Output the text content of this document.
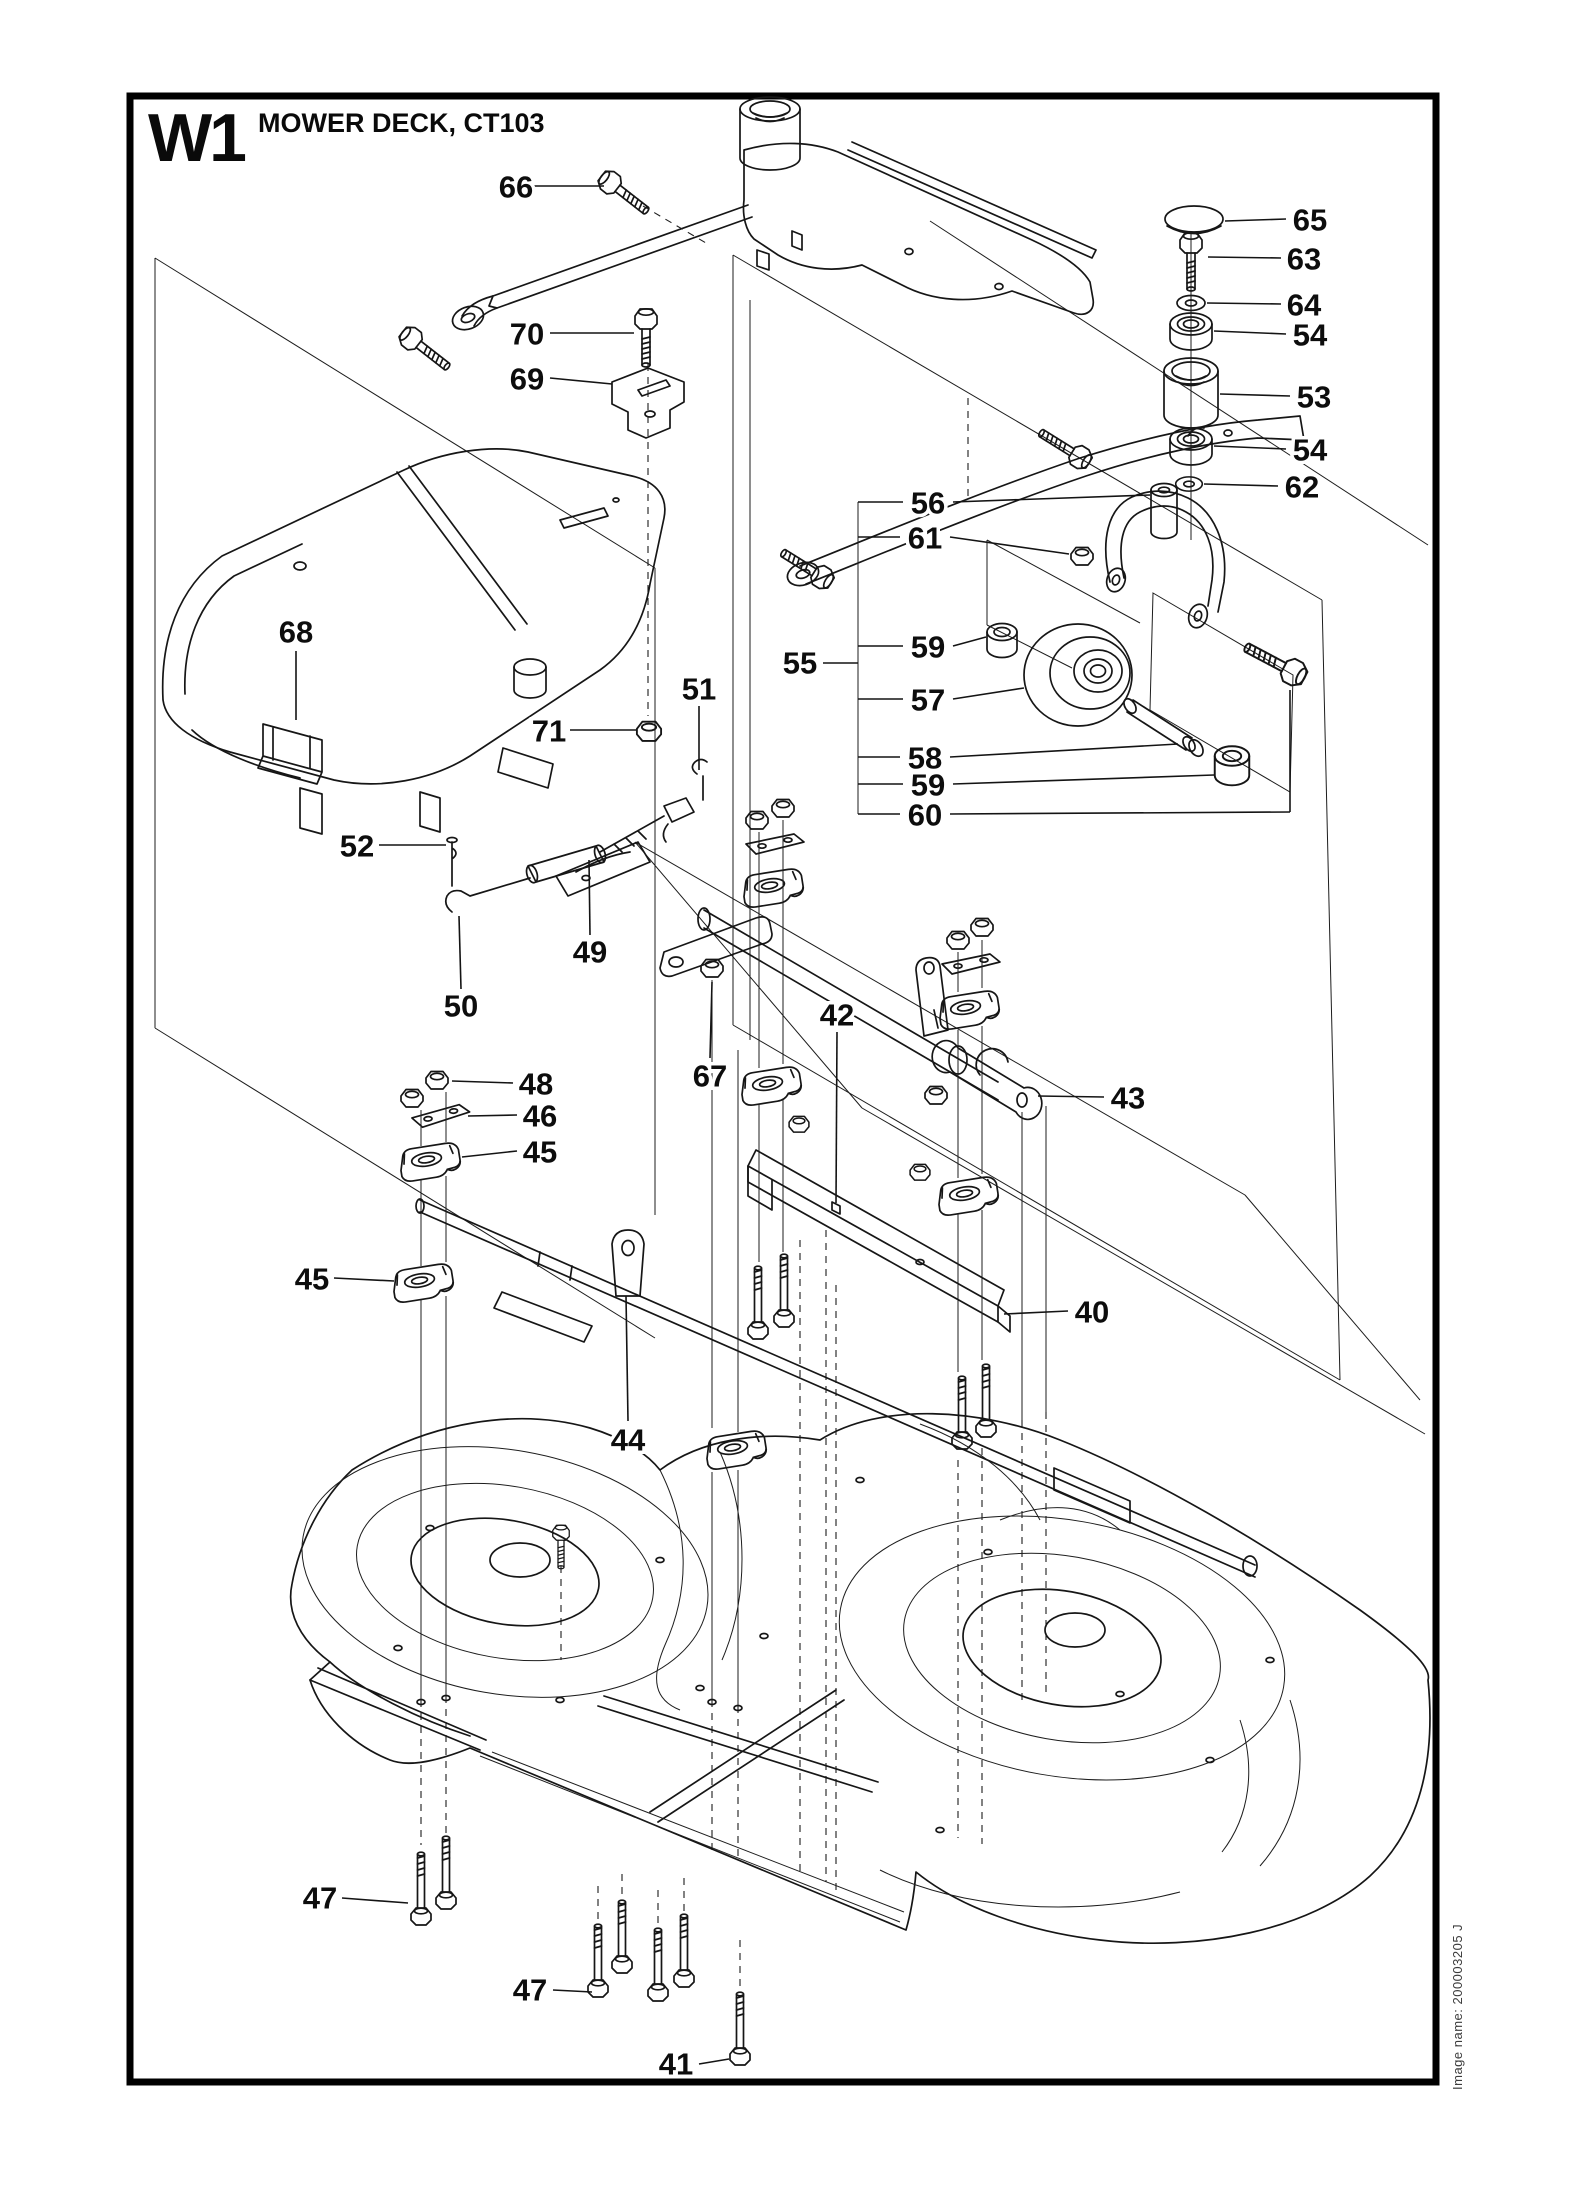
66
70
69
65
63
64
54
53
54
62
56
61
55	59
57
58
59
60
68
71
51
52
49
50
67
42
48
46
45
43
40
45
44
47
47
41
W1 MOWER DECK, CT103
Image name: 200003205 J
